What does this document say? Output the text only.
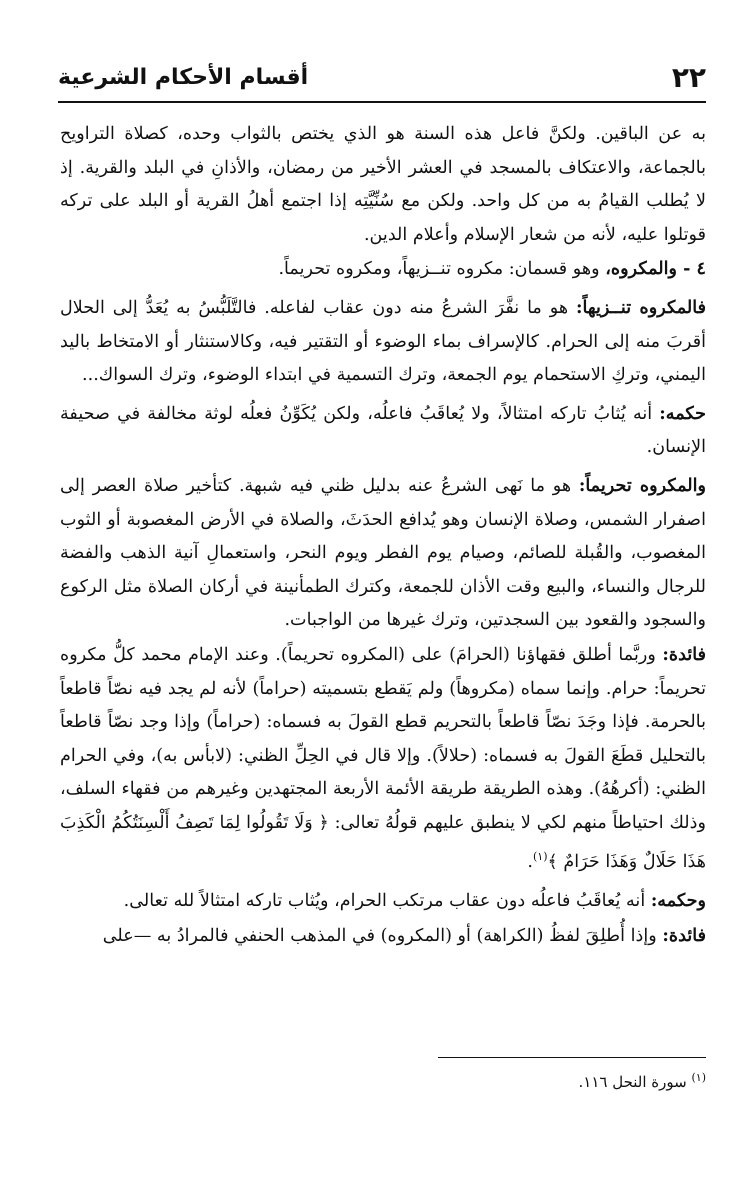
٢٢
أقسام الأحكام الشرعية

به عن الباقين. ولكنَّ فاعل هذه السنة هو الذي يختص بالثواب وحده، كصلاة التراويح بالجماعة، والاعتكاف بالمسجد في العشر الأخير من رمضان، والأذانِ في البلد والقرية. إذ لا يُطلب القيامُ به من كل واحد. ولكن مع سُنِّيَّتِه إذا اجتمع أهلُ القرية أو البلد على تركه قوتلوا عليه، لأنه من شعار الإسلام وأعلام الدين.

٤ - والمكروه، وهو قسمان: مكروه تنــزيهاً، ومكروه تحريماً.

فالمكروه تنــزيهاً: هو ما نفَّرَ الشرعُ منه دون عقاب لفاعله. فالتَّلَبُّسُ به يُعَدُّ إلى الحلال أقربَ منه إلى الحرام. كالإسراف بماء الوضوء أو التقتير فيه، وكالاستنثار أو الامتخاط باليد اليمني، وتركِ الاستحمام يوم الجمعة، وترك التسمية في ابتداء الوضوء، وترك السواك...

حكمه: أنه يُثابُ تاركه امتثالاً، ولا يُعاقَبُ فاعلُه، ولكن يُكَوِّنُ فعلُه لوثة مخالفة في صحيفة الإنسان.

والمكروه تحريماً: هو ما نَهى الشرعُ عنه بدليل ظني فيه شبهة. كتأخير صلاة العصر إلى اصفرار الشمس، وصلاة الإنسان وهو يُدافع الحدَثَ، والصلاة في الأرض المغصوبة أو الثوب المغصوب، والقُبلة للصائم، وصيام يوم الفطر ويوم النحر، واستعمالِ آنية الذهب والفضة للرجال والنساء، والبيع وقت الأذان للجمعة، وكترك الطمأنينة في أركان الصلاة مثل الركوع والسجود والقعود بين السجدتين، وترك غيرها من الواجبات.

فائدة: وربَّما أطلق فقهاؤنا (الحرامَ) على (المكروه تحريماً). وعند الإمام محمد كلُّ مكروه تحريماً: حرام. وإنما سماه (مكروهاً) ولم يَقطع بتسميته (حراماً) لأنه لم يجد فيه نصّاً قاطعاً بالحرمة. فإذا وجَدَ نصّاً قاطعاً بالتحريم قطع القولَ به فسماه: (حراماً) وإذا وجد نصّاً قاطعاً بالتحليل قطَعَ القولَ به فسماه: (حلالاً). وإلا قال في الحِلِّ الظني: (لابأس به)، وفي الحرام الظني: (أكرهُهُ). وهذه الطريقة طريقة الأئمة الأربعة المجتهدين وغيرهم من فقهاء السلف، وذلك احتياطاً منهم لكي لا ينطبق عليهم قولُهُ تعالى: ﴿ وَلَا تَقُولُوا لِمَا تَصِفُ أَلْسِنَتُكُمُ الْكَذِبَ هَذَا حَلَالٌ وَهَذَا حَرَامٌ ﴾$^{(١)}$.

وحكمه: أنه يُعاقَبُ فاعلُه دون عقاب مرتكب الحرام، ويُثاب تاركه امتثالاً لله تعالى.

فائدة: وإذا أُطلِقَ لفظُ (الكراهة) أو (المكروه) في المذهب الحنفي فالمرادُ به —على

$^{(١)}$ سورة النحل ١١٦.
